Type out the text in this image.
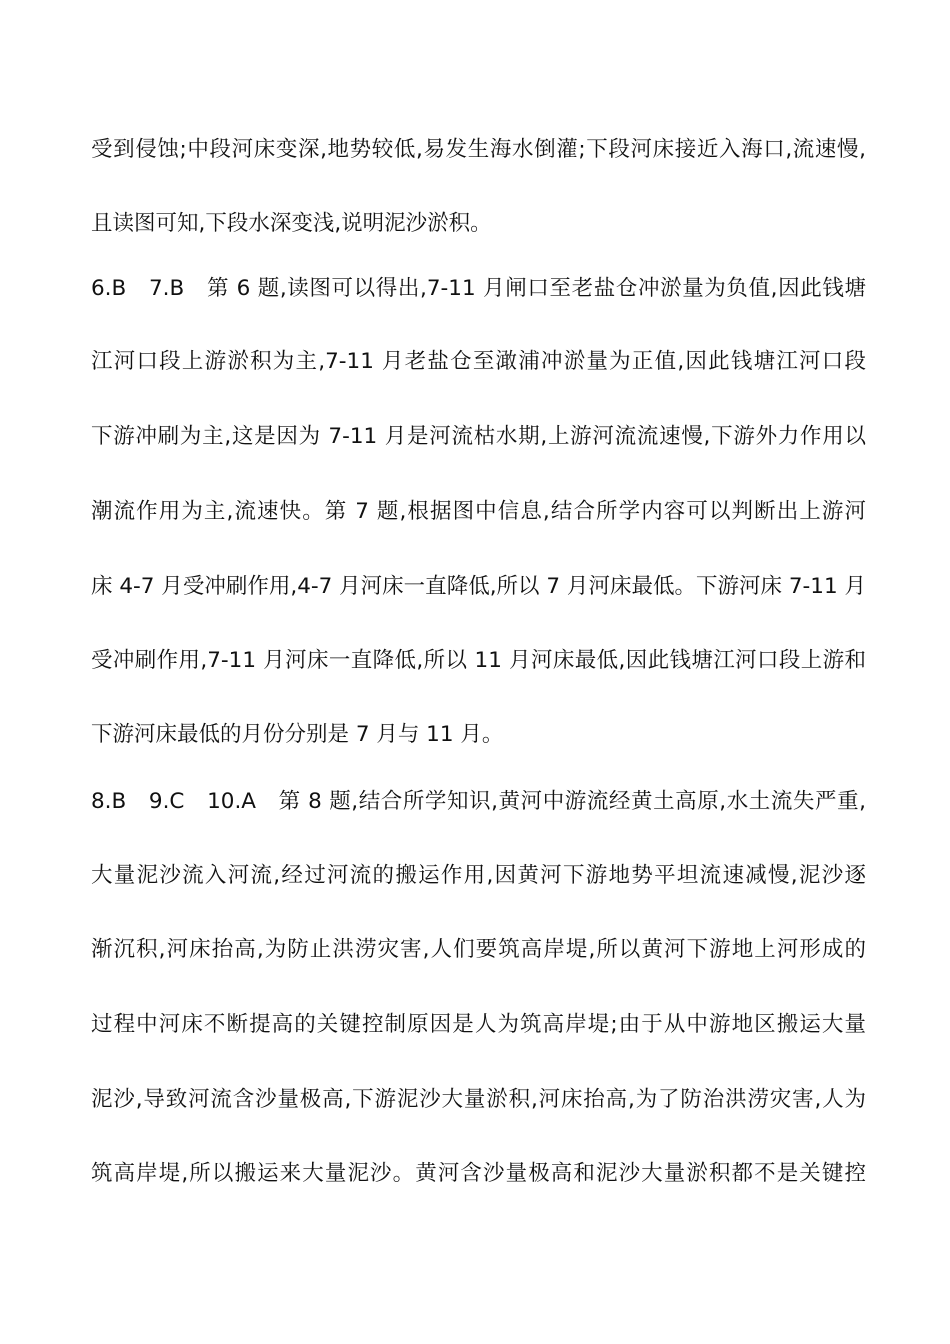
受到侵蚀;中段河床变深,地势较低,易发生海水倒灌;下段河床接近入海口,流速慢,
且读图可知,下段水深变浅,说明泥沙淤积。
6.B　7.B　第 6 题,读图可以得出,7-11 月闸口至老盐仓冲淤量为负值,因此钱塘
江河口段上游淤积为主,7-11 月老盐仓至澉浦冲淤量为正值,因此钱塘江河口段
下游冲刷为主,这是因为 7-11 月是河流枯水期,上游河流流速慢,下游外力作用以
潮流作用为主,流速快。第 7 题,根据图中信息,结合所学内容可以判断出上游河
床 4-7 月受冲刷作用,4-7 月河床一直降低,所以 7 月河床最低。下游河床 7-11 月
受冲刷作用,7-11 月河床一直降低,所以 11 月河床最低,因此钱塘江河口段上游和
下游河床最低的月份分别是 7 月与 11 月。
8.B　9.C　10.A　第 8 题,结合所学知识,黄河中游流经黄土高原,水土流失严重,
大量泥沙流入河流,经过河流的搬运作用,因黄河下游地势平坦流速减慢,泥沙逐
渐沉积,河床抬高,为防止洪涝灾害,人们要筑高岸堤,所以黄河下游地上河形成的
过程中河床不断提高的关键控制原因是人为筑高岸堤;由于从中游地区搬运大量
泥沙,导致河流含沙量极高,下游泥沙大量淤积,河床抬高,为了防治洪涝灾害,人为
筑高岸堤,所以搬运来大量泥沙。黄河含沙量极高和泥沙大量淤积都不是关键控
